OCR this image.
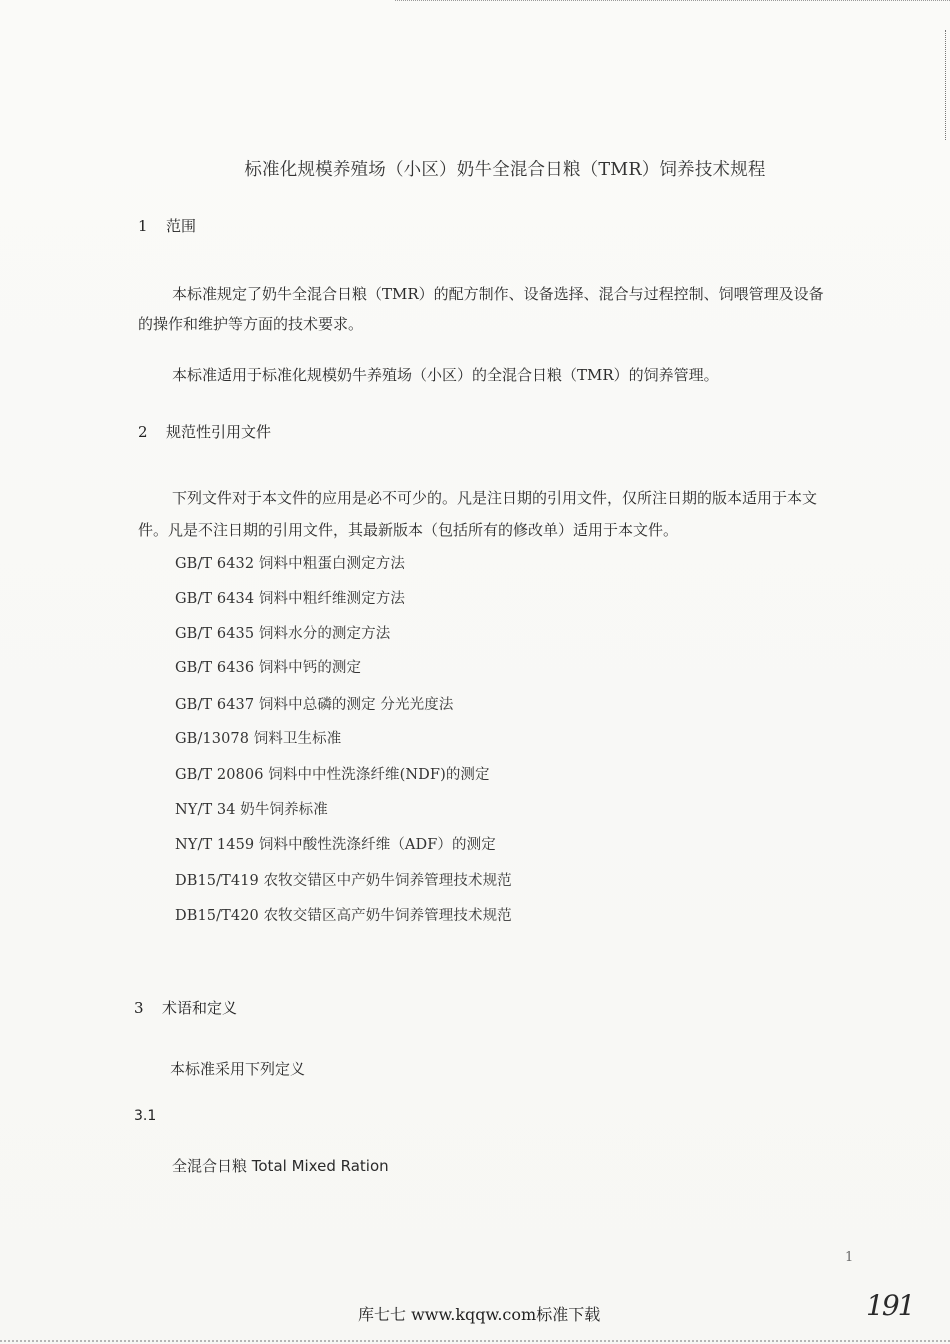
标准化规模养殖场（小区）奶牛全混合日粮（TMR）饲养技术规程
1 范围
本标准规定了奶牛全混合日粮（TMR）的配方制作、设备选择、混合与过程控制、饲喂管理及设备
的操作和维护等方面的技术要求。
本标准适用于标准化规模奶牛养殖场（小区）的全混合日粮（TMR）的饲养管理。
2 规范性引用文件
下列文件对于本文件的应用是必不可少的。凡是注日期的引用文件，仅所注日期的版本适用于本文
件。凡是不注日期的引用文件，其最新版本（包括所有的修改单）适用于本文件。
GB/T 6432 饲料中粗蛋白测定方法
GB/T 6434 饲料中粗纤维测定方法
GB/T 6435 饲料水分的测定方法
GB/T 6436 饲料中钙的测定
GB/T 6437 饲料中总磷的测定 分光光度法
GB/13078 饲料卫生标准
GB/T 20806 饲料中中性洗涤纤维(NDF)的测定
NY/T 34 奶牛饲养标准
NY/T 1459 饲料中酸性洗涤纤维（ADF）的测定
DB15/T419 农牧交错区中产奶牛饲养管理技术规范
DB15/T420 农牧交错区高产奶牛饲养管理技术规范
3 术语和定义
本标准采用下列定义
3.1
全混合日粮 Total Mixed Ration
1
库七七 www.kqqw.com标准下载	191
